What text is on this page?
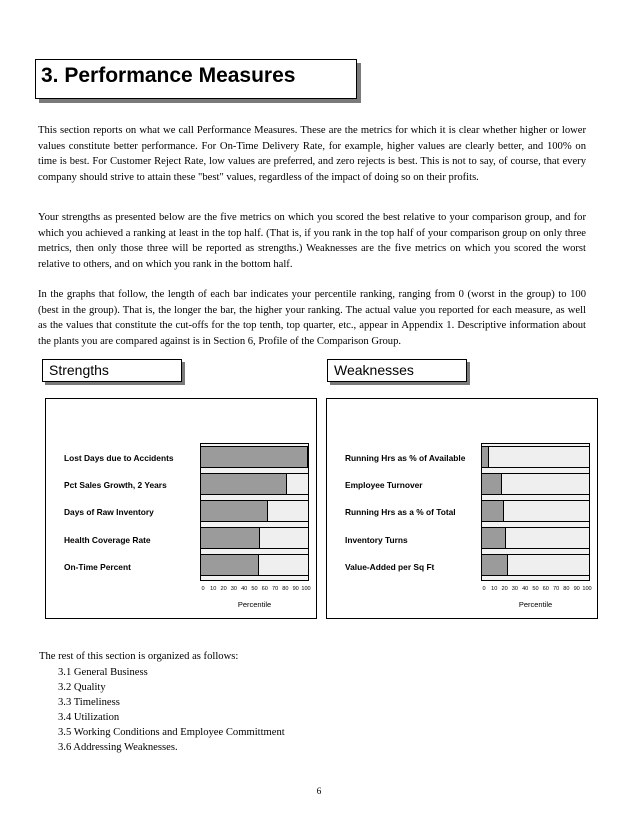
3. Performance Measures

This section reports on what we call Performance Measures. These are the metrics for which it is clear whether higher or lower values constitute better performance. For On-Time Delivery Rate, for example, higher values are clearly better, and 100% on time is best. For Customer Reject Rate, low values are preferred, and zero rejects is best. This is not to say, of course, that every company should strive to attain these "best" values, regardless of the impact of doing so on their profits.

Your strengths as presented below are the five metrics on which you scored the best relative to your comparison group, and for which you achieved a ranking at least in the top half. (That is, if you rank in the top half of your comparison group on only three metrics, then only those three will be reported as strengths.) Weaknesses are the five metrics on which you scored the worst relative to others, and on which you rank in the bottom half.

In the graphs that follow, the length of each bar indicates your percentile ranking, ranging from 0 (worst in the group) to 100 (best in the group). That is, the longer the bar, the higher your ranking. The actual value you reported for each measure, as well as the values that constitute the cut-offs for the top tenth, top quarter, etc., appear in Appendix 1. Descriptive information about the plants you are compared against is in Section 6, Profile of the Comparison Group.

Strengths	Weaknesses
Percentile
Lost Days due to Accidents
Pct Sales Growth, 2 Years
Days of Raw Inventory
Health Coverage Rate
On-Time Percent
0 10 20 30 40 50 60 70 80 90 100
Percentile
Running Hrs as % of Available
Employee Turnover
Running Hrs as a % of Total
Inventory Turns
Value-Added per Sq Ft
0 10 20 30 40 50 60 70 80 90 100
The rest of this section is organized as follows:
3.1 General Business
3.2 Quality
3.3 Timeliness
3.4 Utilization
3.5 Working Conditions and Employee Committment
3.6 Addressing Weaknesses.
6
